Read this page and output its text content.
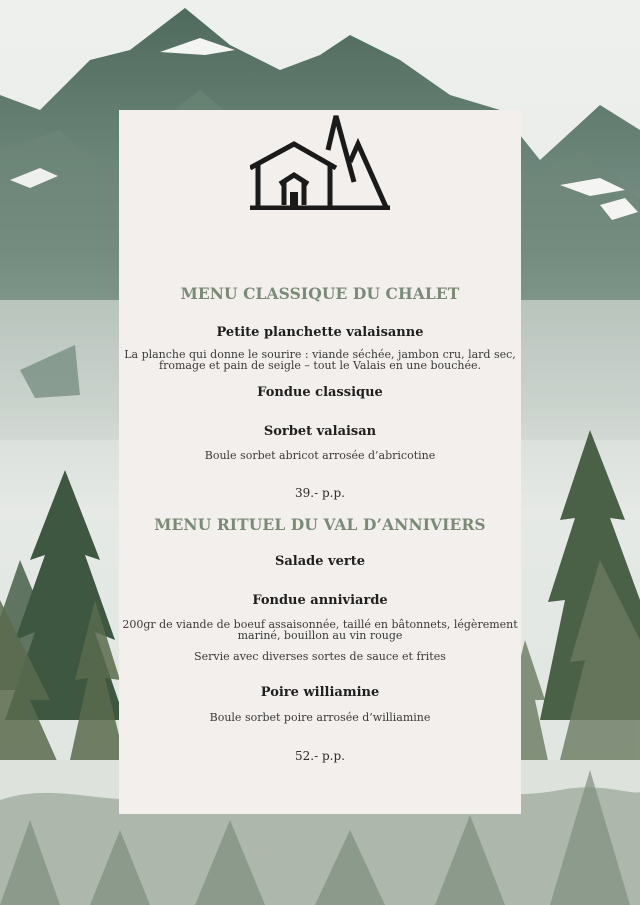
MENU CLASSIQUE DU CHALET
Petite planchette valaisanne
La planche qui donne le sourire : viande séchée, jambon cru, lard sec,
fromage et pain de seigle – tout le Valais en une bouchée.
Fondue classique
Sorbet valaisan
Boule sorbet abricot arrosée d’abricotine
39.- p.p.
MENU RITUEL DU VAL D’ANNIVIERS
Salade verte
Fondue anniviarde
200gr de viande de boeuf assaisonnée, taillé en bâtonnets, légèrement
mariné, bouillon au vin rouge
Servie avec diverses sortes de sauce et frites
Poire williamine
Boule sorbet poire arrosée d’williamine
52.- p.p.
